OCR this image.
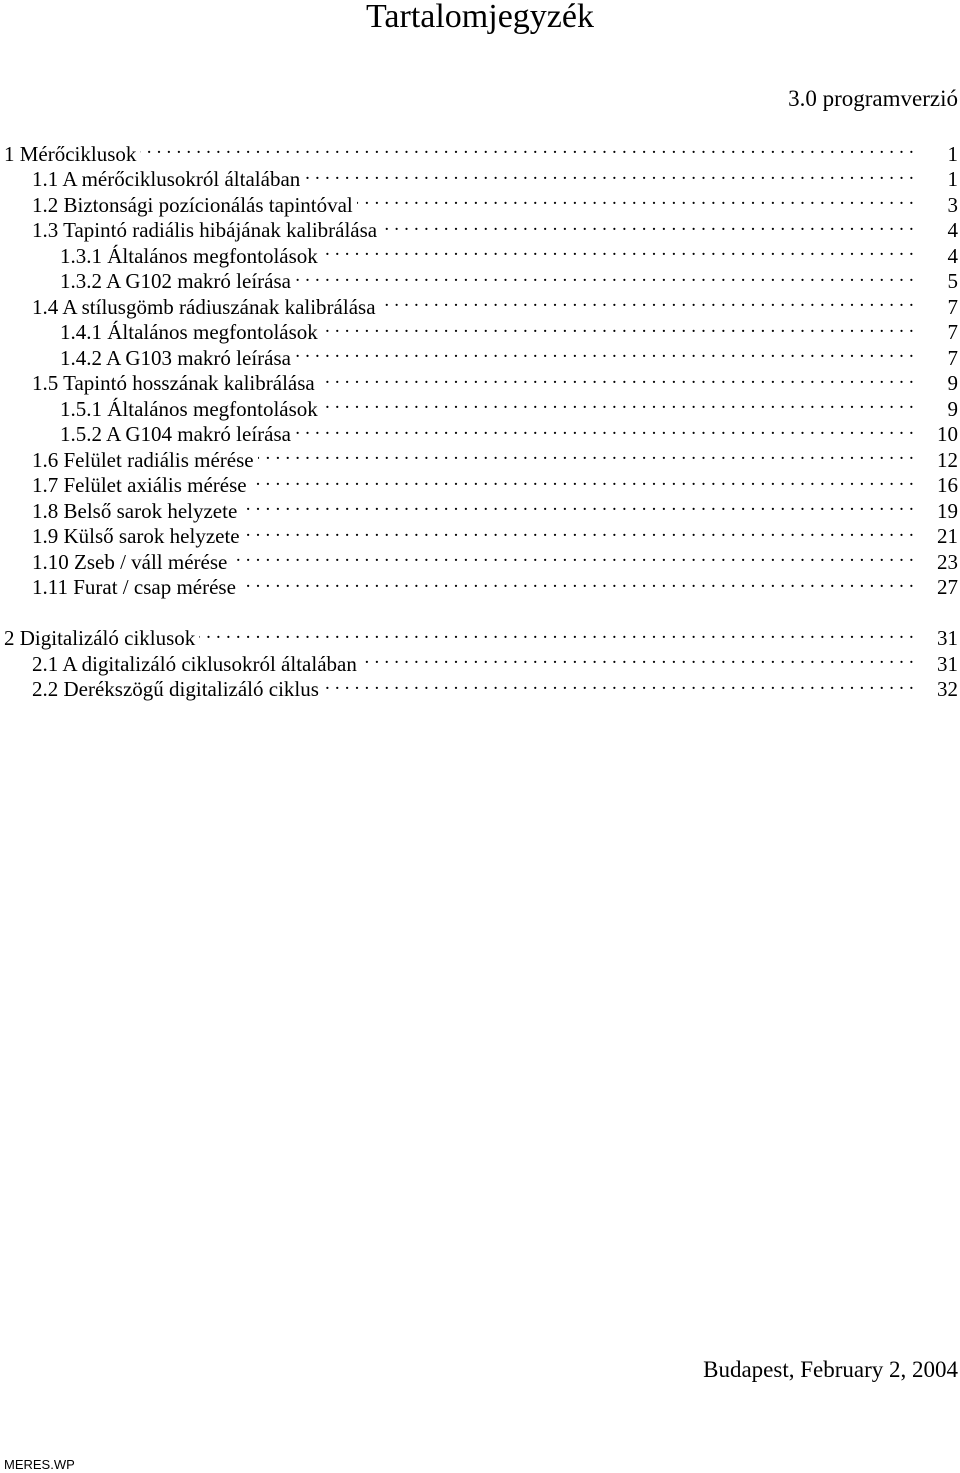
Tartalomjegyzék
3.0 programverzió
1 Mérőciklusok . . .	1
1.1 A mérőciklusokról általában . . .	1
1.2 Biztonsági pozícionálás tapintóval . . .	3
1.3 Tapintó radiális hibájának kalibrálása . . .	4
1.3.1 Általános megfontolások . . .	4
1.3.2 A G102 makró leírása . . .	5
1.4 A stílusgömb rádiuszának kalibrálása . . .	7
1.4.1 Általános megfontolások . . .	7
1.4.2 A G103 makró leírása . . .	7
1.5 Tapintó hosszának kalibrálása . . .	9
1.5.1 Általános megfontolások . . .	9
1.5.2 A G104 makró leírása . . .	10
1.6 Felület radiális mérése . . .	12
1.7 Felület axiális mérése . . .	16
1.8 Belső sarok helyzete . . .	19
1.9 Külső sarok helyzete . . .	21
1.10 Zseb / váll mérése . . .	23
1.11 Furat / csap mérése . . .	27
2 Digitalizáló ciklusok . . .	31
2.1 A digitalizáló ciklusokról általában . . .	31
2.2 Derékszögű digitalizáló ciklus . . .	32
Budapest, February 2, 2004
MERES.WP
